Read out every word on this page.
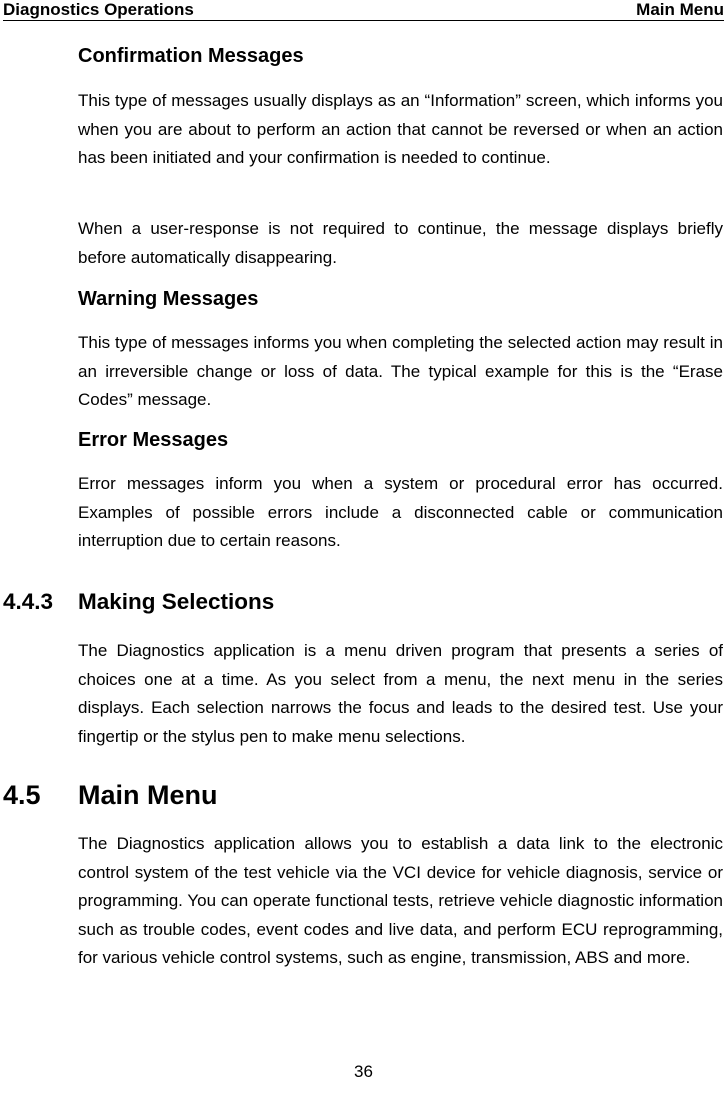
Diagnostics Operations	Main Menu
Confirmation Messages
This type of messages usually displays as an “Information” screen, which informs you when you are about to perform an action that cannot be reversed or when an action has been initiated and your confirmation is needed to continue.
When a user-response is not required to continue, the message displays briefly before automatically disappearing.
Warning Messages
This type of messages informs you when completing the selected action may result in an irreversible change or loss of data. The typical example for this is the “Erase Codes” message.
Error Messages
Error messages inform you when a system or procedural error has occurred. Examples of possible errors include a disconnected cable or communication interruption due to certain reasons.
4.4.3 Making Selections
The Diagnostics application is a menu driven program that presents a series of choices one at a time. As you select from a menu, the next menu in the series displays. Each selection narrows the focus and leads to the desired test. Use your fingertip or the stylus pen to make menu selections.
4.5 Main Menu
The Diagnostics application allows you to establish a data link to the electronic control system of the test vehicle via the VCI device for vehicle diagnosis, service or programming. You can operate functional tests, retrieve vehicle diagnostic information such as trouble codes, event codes and live data, and perform ECU reprogramming, for various vehicle control systems, such as engine, transmission, ABS and more.
36
